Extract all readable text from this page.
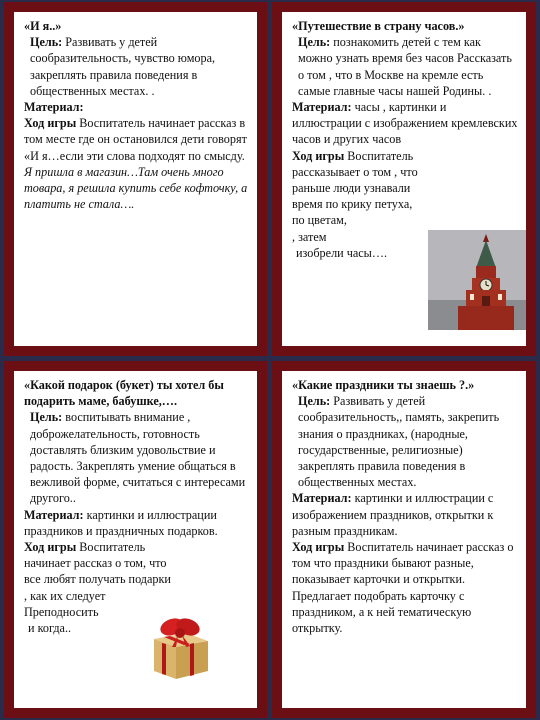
«И я..»

Цель: Развивать у детей сообразительность, чувство юмора, закреплять правила поведения в общественных местах. .

Материал:

Ход игры Воспитатель начинает рассказ в том месте где он остановился дети говорят «И я…если эти слова подходят по смысду.

Я пришла в магазин…Там очень много товара, я решила купить себе кофточку, а платить не стала….

«Путешествие в страну часов.»

Цель: познакомить детей с тем как можно узнать время без часов Рассказать о том , что в Москве на кремле есть самые главные часы нашей Родины. .

Материал: часы , картинки и иллюстрации с изображением кремлевских часов и других часов

Ход игры Воспитатель рассказывает о том , что раньше люди узнавали время по крику петуха,

по цветам,

, затем

изобрели часы….

«Какой подарок (букет) ты хотел бы подарить маме, бабушке,….

Цель: воспитывать внимание , доброжелательность, готовность доставлять близким удовольствие и радость. Закреплять умение общаться в вежливой форме, считаться с интересами другого..

Материал: картинки и иллюстрации праздников и праздничных подарков.

Ход игры Воспитатель начинает рассказ о том, что все любят получать подарки

, как их следует

Преподносить

и когда..

«Какие праздники ты знаешь ?.»

Цель: Развивать у детей сообразительность,, память, закрепить знания о праздниках, (народные, государственные, религиозные) закреплять правила поведения в общественных местах.

Материал: картинки и иллюстрации с изображением праздников, открытки к разным праздникам.

Ход игры Воспитатель начинает рассказ о том что праздники бывают разные, показывает карточки и открытки. Предлагает подобрать карточку с праздником, а к ней тематическую открытку.
